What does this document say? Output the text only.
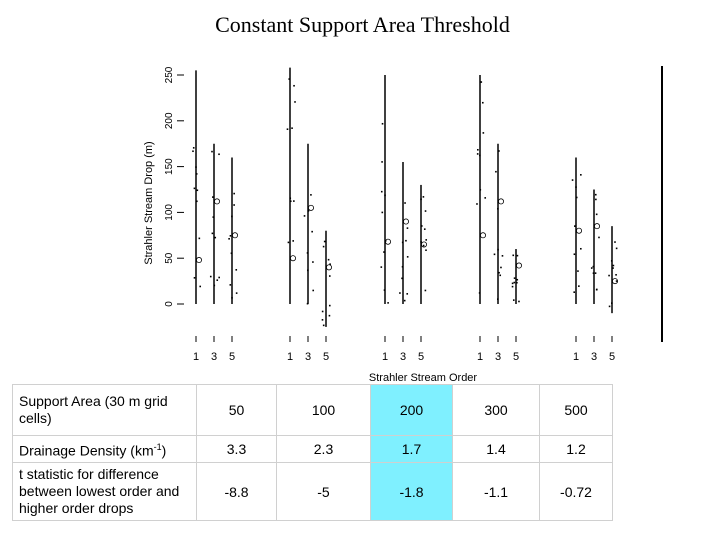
Constant Support Area Threshold
0
50
100
150
200
250
Strahler Stream Drop (m)
1 3 5	1 3 5	1 3 5	1 3 5	1 3 5
Strahler Stream Order
Support Area (30 m grid cells)	50	100	200	300	500
Drainage Density $(km^{-1})$	3.3	2.3	1.7	1.4	1.2
t statistic for difference between lowest order and higher order drops	-8.8	-5	-1.8	-1.1	-0.72
